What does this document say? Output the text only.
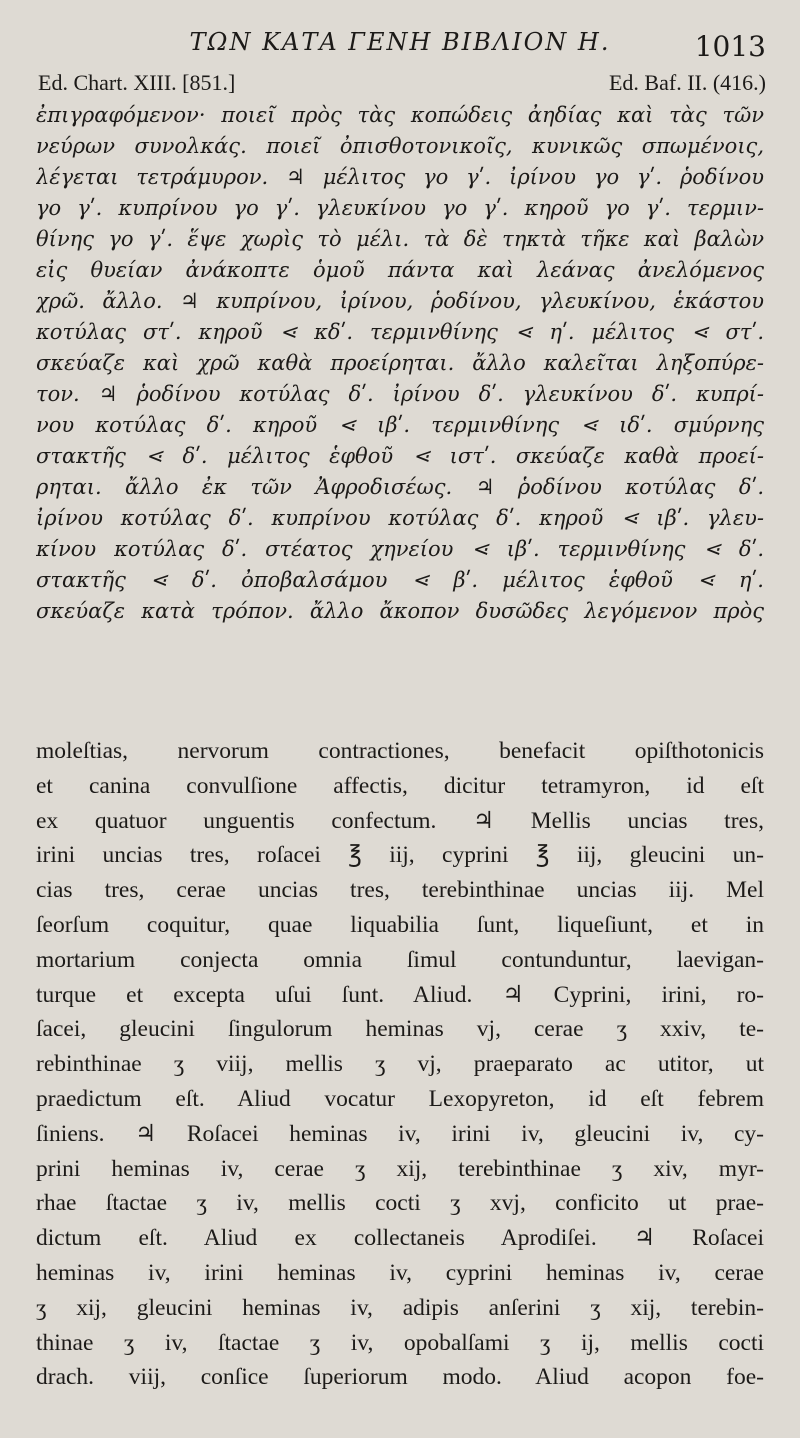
ΤΩΝ ΚΑΤΑ ΓΕΝΗ ΒΙΒΛΙΟΝ Η.	1013
Ed. Chart. XIII. [851.]	Ed. Baf. II. (416.)
ἐπιγραφόμενον· ποιεῖ πρὸς τὰς κοπώδεις ἀηδίας καὶ τὰς τῶν
νεύρων συνολκάς. ποιεῖ ὀπισθοτονικοῖς, κυνικῶς σπωμένοις,
λέγεται τετράμυρον. ♃ μέλιτος γο γʹ. ἰρίνου γο γʹ. ῥοδίνου
γο γʹ. κυπρίνου γο γʹ. γλευκίνου γο γʹ. κηροῦ γο γʹ. τερμιν-
θίνης γο γʹ. ἕψε χωρὶς τὸ μέλι. τὰ δὲ τηκτὰ τῆκε καὶ βαλὼν
εἰς θυείαν ἀνάκοπτε ὁμοῦ πάντα καὶ λεάνας ἀνελόμενος
χρῶ. ἄλλο. ♃ κυπρίνου, ἰρίνου, ῥοδίνου, γλευκίνου, ἑκάστου
κοτύλας στʹ. κηροῦ ⋖ κδʹ. τερμινθίνης ⋖ ηʹ. μέλιτος ⋖ στʹ.
σκεύαζε καὶ χρῶ καθὰ προείρηται. ἄλλο καλεῖται ληξοπύρε-
τον. ♃ ῥοδίνου κοτύλας δʹ. ἰρίνου δʹ. γλευκίνου δʹ. κυπρί-
νου κοτύλας δʹ. κηροῦ ⋖ ιβʹ. τερμινθίνης ⋖ ιδʹ. σμύρνης
στακτῆς ⋖ δʹ. μέλιτος ἑφθοῦ ⋖ ιστʹ. σκεύαζε καθὰ προεί-
ρηται. ἄλλο ἐκ τῶν Ἀφροδισέως. ♃ ῥοδίνου κοτύλας δʹ.
ἰρίνου κοτύλας δʹ. κυπρίνου κοτύλας δʹ. κηροῦ ⋖ ιβʹ. γλευ-
κίνου κοτύλας δʹ. στέατος χηνείου ⋖ ιβʹ. τερμινθίνης ⋖ δʹ.
στακτῆς ⋖ δʹ. ὀποβαλσάμου ⋖ βʹ. μέλιτος ἑφθοῦ ⋖ ηʹ.
σκεύαζε κατὰ τρόπον. ἄλλο ἄκοπον δυσῶδες λεγόμενον πρὸς
moleſtias, nervorum contractiones, benefacit opiſthotonicis
et canina convulſione affectis, dicitur tetramyron, id eſt
ex quatuor unguentis confectum. ♃ Mellis uncias tres,
irini uncias tres, roſacei ℥ iij, cyprini ℥ iij, gleucini un-
cias tres, cerae uncias tres, terebinthinae uncias iij. Mel
ſeorſum coquitur, quae liquabilia ſunt, liqueſiunt, et in
mortarium conjecta omnia ſimul contunduntur, laevigan-
turque et excepta uſui ſunt. Aliud. ♃ Cyprini, irini, ro-
ſacei, gleucini ſingulorum heminas vj, cerae ʒ xxiv, te-
rebinthinae ʒ viij, mellis ʒ vj, praeparato ac utitor, ut
praedictum eſt. Aliud vocatur Lexopyreton, id eſt febrem
ſiniens. ♃ Roſacei heminas iv, irini iv, gleucini iv, cy-
prini heminas iv, cerae ʒ xij, terebinthinae ʒ xiv, myr-
rhae ſtactae ʒ iv, mellis cocti ʒ xvj, conficito ut prae-
dictum eſt. Aliud ex collectaneis Aprodiſei. ♃ Roſacei
heminas iv, irini heminas iv, cyprini heminas iv, cerae
ʒ xij, gleucini heminas iv, adipis anſerini ʒ xij, terebin-
thinae ʒ iv, ſtactae ʒ iv, opobalſami ʒ ij, mellis cocti
drach. viij, conſice ſuperiorum modo. Aliud acopon foe-
